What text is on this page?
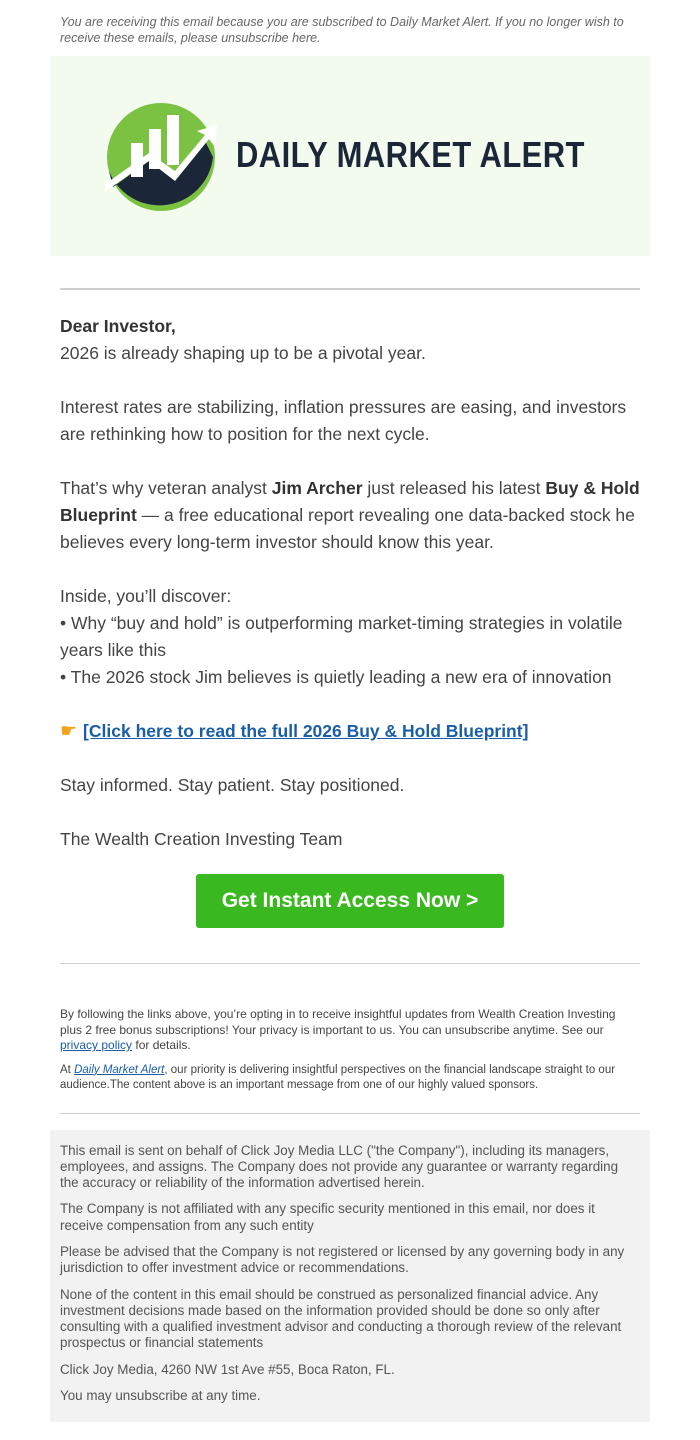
You are receiving this email because you are subscribed to Daily Market Alert. If you no longer wish to receive these emails, please unsubscribe here.
DAILY MARKET ALERT

Dear Investor,

2026 is already shaping up to be a pivotal year.

Interest rates are stabilizing, inflation pressures are easing, and investors are rethinking how to position for the next cycle.

That’s why veteran analyst Jim Archer just released his latest Buy & Hold Blueprint — a free educational report revealing one data-backed stock he believes every long-term investor should know this year.

Inside, you’ll discover:

• Why “buy and hold” is outperforming market-timing strategies in volatile years like this

• The 2026 stock Jim believes is quietly leading a new era of innovation

☛ [Click here to read the full 2026 Buy & Hold Blueprint]

Stay informed. Stay patient. Stay positioned.

The Wealth Creation Investing Team

Get Instant Access Now >

By following the links above, you’re opting in to receive insightful updates from Wealth Creation Investing plus 2 free bonus subscriptions! Your privacy is important to us. You can unsubscribe anytime. See our privacy policy for details.

At Daily Market Alert, our priority is delivering insightful perspectives on the financial landscape straight to our audience.The content above is an important message from one of our highly valued sponsors.

This email is sent on behalf of Click Joy Media LLC ("the Company"), including its managers, employees, and assigns. The Company does not provide any guarantee or warranty regarding the accuracy or reliability of the information advertised herein.

The Company is not affiliated with any specific security mentioned in this email, nor does it receive compensation from any such entity

Please be advised that the Company is not registered or licensed by any governing body in any jurisdiction to offer investment advice or recommendations.

None of the content in this email should be construed as personalized financial advice. Any investment decisions made based on the information provided should be done so only after consulting with a qualified investment advisor and conducting a thorough review of the relevant prospectus or financial statements

Click Joy Media, 4260 NW 1st Ave #55, Boca Raton, FL.

You may unsubscribe at any time.
